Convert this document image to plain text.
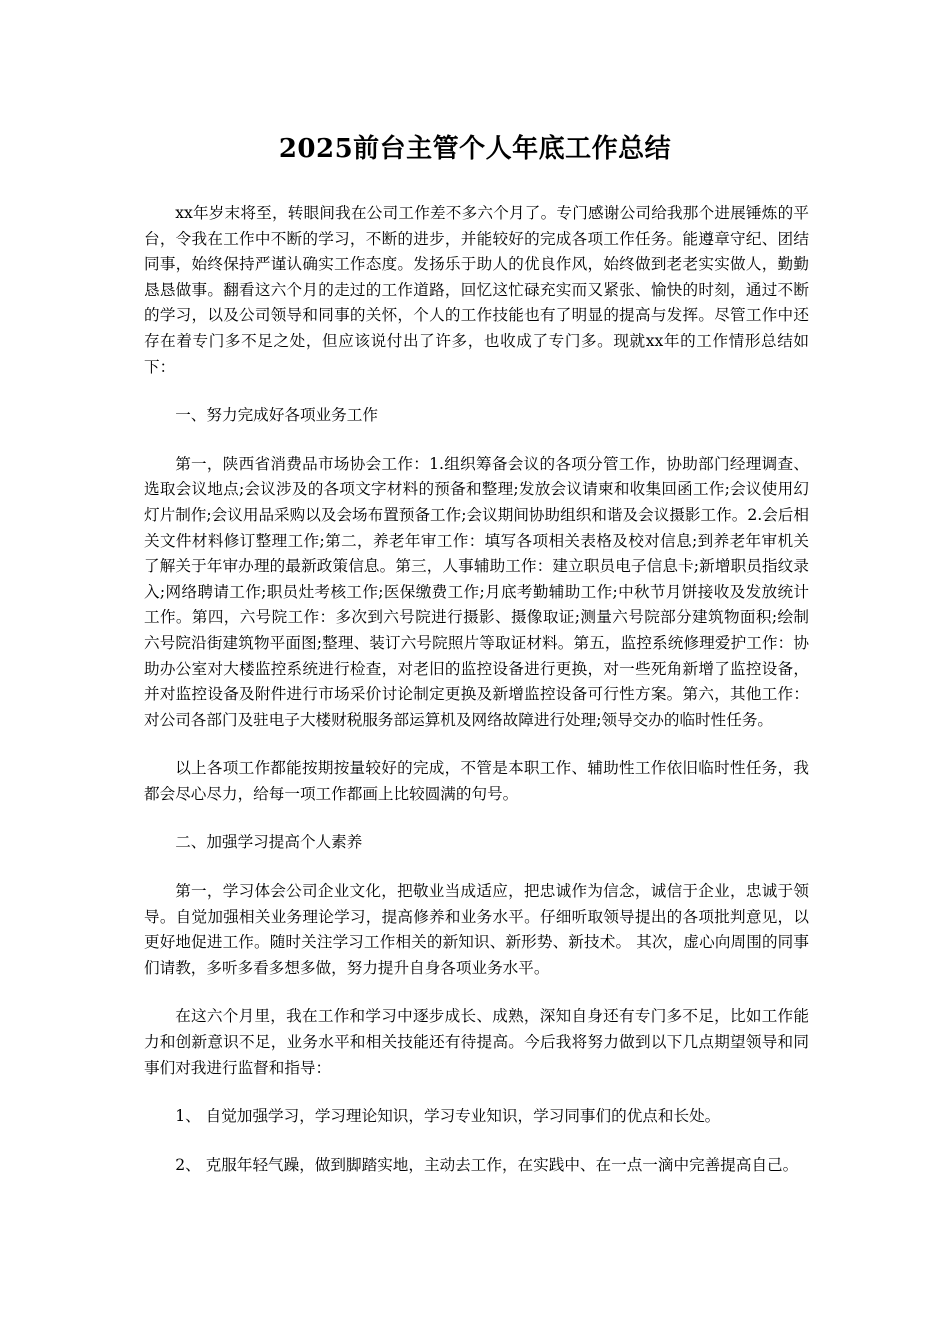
2025前台主管个人年底工作总结

xx年岁末将至，转眼间我在公司工作差不多六个月了。专门感谢公司给我那个进展锤炼的平台，令我在工作中不断的学习，不断的进步，并能较好的完成各项工作任务。能遵章守纪、团结同事，始终保持严谨认确实工作态度。发扬乐于助人的优良作风，始终做到老老实实做人，勤勤恳恳做事。翻看这六个月的走过的工作道路，回忆这忙碌充实而又紧张、愉快的时刻，通过不断的学习，以及公司领导和同事的关怀，个人的工作技能也有了明显的提高与发挥。尽管工作中还存在着专门多不足之处，但应该说付出了许多，也收成了专门多。现就xx年的工作情形总结如下：

一、努力完成好各项业务工作

第一，陕西省消费品市场协会工作：1.组织筹备会议的各项分管工作，协助部门经理调查、选取会议地点;会议涉及的各项文字材料的预备和整理;发放会议请柬和收集回函工作;会议使用幻灯片制作;会议用品采购以及会场布置预备工作;会议期间协助组织和谐及会议摄影工作。2.会后相关文件材料修订整理工作;第二，养老年审工作：填写各项相关表格及校对信息;到养老年审机关了解关于年审办理的最新政策信息。第三，人事辅助工作：建立职员电子信息卡;新增职员指纹录入;网络聘请工作;职员灶考核工作;医保缴费工作;月底考勤辅助工作;中秋节月饼接收及发放统计工作。第四，六号院工作：多次到六号院进行摄影、摄像取证;测量六号院部分建筑物面积;绘制六号院沿街建筑物平面图;整理、装订六号院照片等取证材料。第五，监控系统修理爱护工作：协助办公室对大楼监控系统进行检查，对老旧的监控设备进行更换，对一些死角新增了监控设备，并对监控设备及附件进行市场采价讨论制定更换及新增监控设备可行性方案。第六，其他工作：对公司各部门及驻电子大楼财税服务部运算机及网络故障进行处理;领导交办的临时性任务。

以上各项工作都能按期按量较好的完成，不管是本职工作、辅助性工作依旧临时性任务，我都会尽心尽力，给每一项工作都画上比较圆满的句号。

二、加强学习提高个人素养

第一，学习体会公司企业文化，把敬业当成适应，把忠诚作为信念，诚信于企业，忠诚于领导。自觉加强相关业务理论学习，提高修养和业务水平。仔细听取领导提出的各项批判意见，以更好地促进工作。随时关注学习工作相关的新知识、新形势、新技术。 其次，虚心向周围的同事们请教，多听多看多想多做，努力提升自身各项业务水平。

在这六个月里，我在工作和学习中逐步成长、成熟，深知自身还有专门多不足，比如工作能力和创新意识不足，业务水平和相关技能还有待提高。今后我将努力做到以下几点期望领导和同事们对我进行监督和指导：

1、 自觉加强学习，学习理论知识，学习专业知识，学习同事们的优点和长处。

2、 克服年轻气躁，做到脚踏实地，主动去工作，在实践中、在一点一滴中完善提高自己。
